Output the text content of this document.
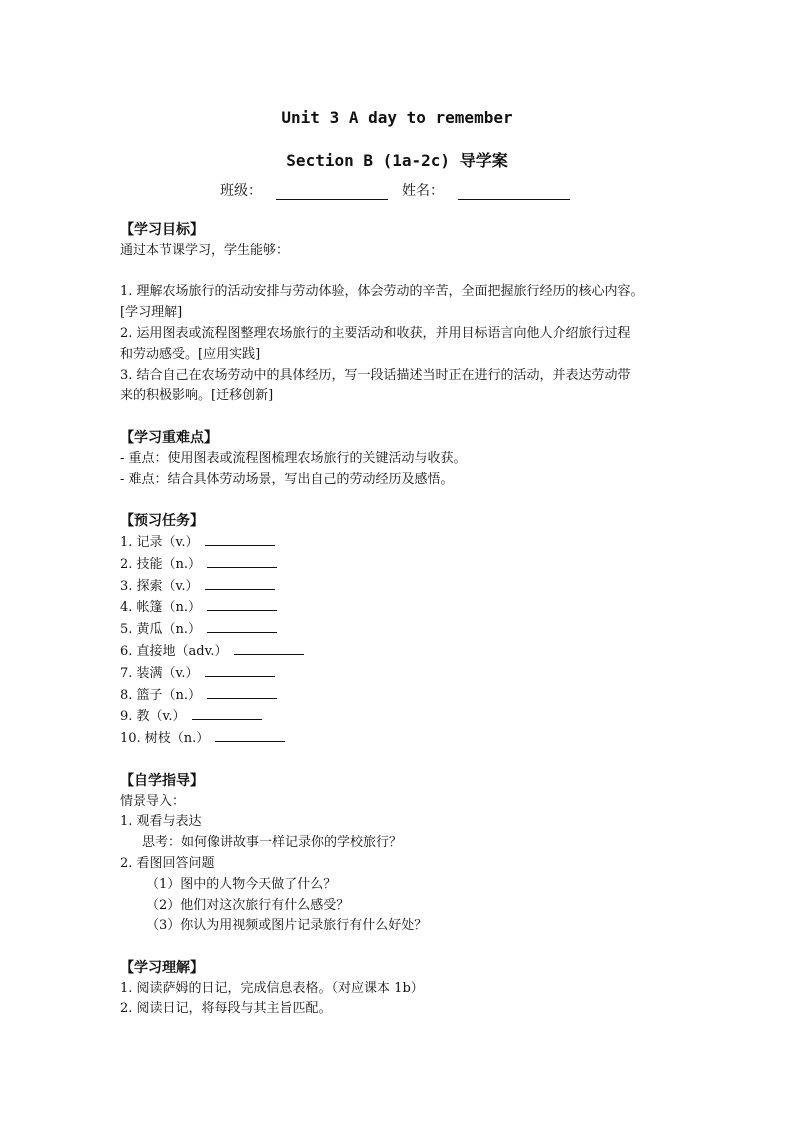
Unit 3 A day to remember
Section B (1a-2c) 导学案
班级：	姓名：
【学习目标】
通过本节课学习，学生能够：
1. 理解农场旅行的活动安排与劳动体验，体会劳动的辛苦，全面把握旅行经历的核心内容。
[学习理解]
2. 运用图表或流程图整理农场旅行的主要活动和收获，并用目标语言向他人介绍旅行过程
和劳动感受。[应用实践]
3. 结合自己在农场劳动中的具体经历，写一段话描述当时正在进行的活动，并表达劳动带
来的积极影响。[迁移创新]
【学习重难点】
- 重点：使用图表或流程图梳理农场旅行的关键活动与收获。
- 难点：结合具体劳动场景，写出自己的劳动经历及感悟。
【预习任务】
1. 记录（v.）
2. 技能（n.）
3. 探索（v.）
4. 帐篷（n.）
5. 黄瓜（n.）
6. 直接地（adv.）
7. 装满（v.）
8. 篮子（n.）
9. 教（v.）
10. 树枝（n.）
【自学指导】
情景导入：
1. 观看与表达
思考：如何像讲故事一样记录你的学校旅行？
2. 看图回答问题
（1）图中的人物今天做了什么？
（2）他们对这次旅行有什么感受？
（3）你认为用视频或图片记录旅行有什么好处？
【学习理解】
1. 阅读萨姆的日记，完成信息表格。（对应课本 1b）
2. 阅读日记，将每段与其主旨匹配。
